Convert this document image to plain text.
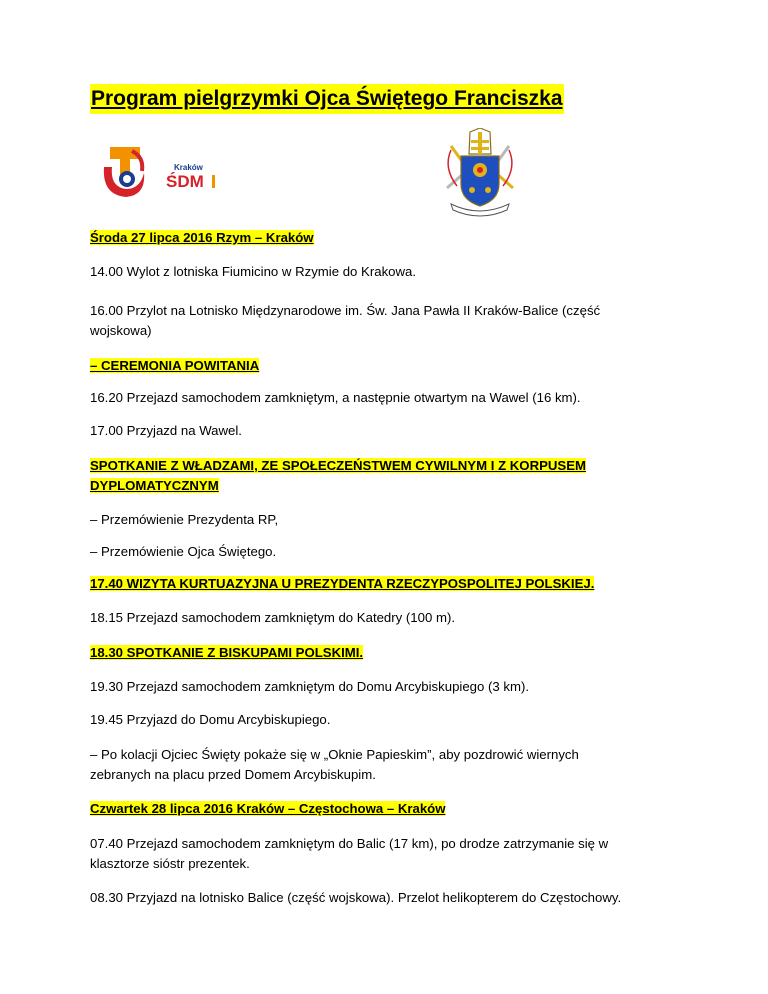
Program pielgrzymki Ojca Świętego Franciszka
Kraków
ŚDM
Środa 27 lipca 2016 Rzym – Kraków
14.00 Wylot z lotniska Fiumicino w Rzymie do Krakowa.
16.00 Przylot na Lotnisko Międzynarodowe im. Św. Jana Pawła II Kraków-Balice (część
wojskowa)
– CEREMONIA POWITANIA
16.20 Przejazd samochodem zamkniętym, a następnie otwartym na Wawel (16 km).
17.00 Przyjazd na Wawel.
SPOTKANIE Z WŁADZAMI, ZE SPOŁECZEŃSTWEM CYWILNYM I Z KORPUSEM
DYPLOMATYCZNYM
– Przemówienie Prezydenta RP,
– Przemówienie Ojca Świętego.
17.40 WIZYTA KURTUAZYJNA U PREZYDENTA RZECZYPOSPOLITEJ POLSKIEJ.
18.15 Przejazd samochodem zamkniętym do Katedry (100 m).
18.30 SPOTKANIE Z BISKUPAMI POLSKIMI.
19.30 Przejazd samochodem zamkniętym do Domu Arcybiskupiego (3 km).
19.45 Przyjazd do Domu Arcybiskupiego.
– Po kolacji Ojciec Święty pokaże się w „Oknie Papieskim”, aby pozdrowić wiernych
zebranych na placu przed Domem Arcybiskupim.
Czwartek 28 lipca 2016 Kraków – Częstochowa – Kraków
07.40 Przejazd samochodem zamkniętym do Balic (17 km), po drodze zatrzymanie się w
klasztorze sióstr prezentek.
08.30 Przyjazd na lotnisko Balice (część wojskowa). Przelot helikopterem do Częstochowy.
